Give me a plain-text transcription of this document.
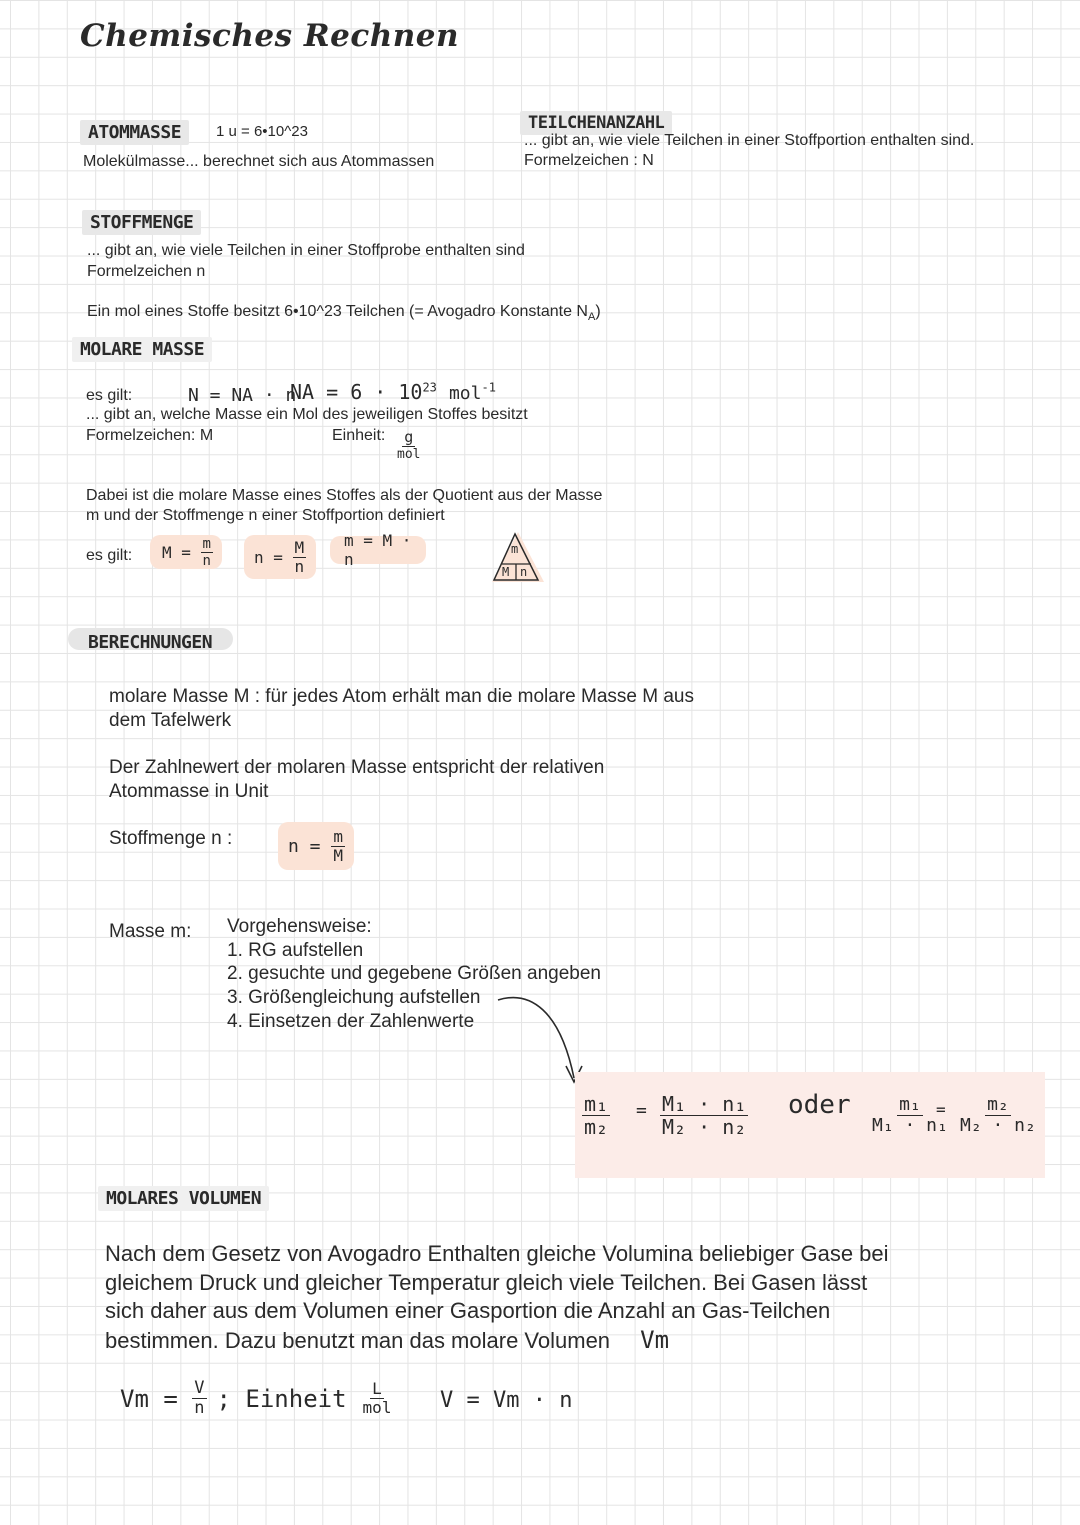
Chemisches Rechnen
ATOMMASSE	1 u = 6•10^23
Molekülmasse... berechnet sich aus Atommassen
TEILCHENANZAHL
... gibt an, wie viele Teilchen in einer Stoffportion enthalten sind.
Formelzeichen : N
STOFFMENGE
... gibt an, wie viele Teilchen in einer Stoffprobe enthalten sind
Formelzeichen n
Ein mol eines Stoffe besitzt 6•10^23 Teilchen (= Avogadro Konstante $N_A$)
MOLARE MASSE
es gilt:	N = NA · n
NA = $6 \cdot 10^{23}$ mol$^{-1}$
... gibt an, welche Masse ein Mol des jeweiligen Stoffes besitzt
Formelzeichen: M	Einheit: $\frac{g}{\text{mol}}$
Dabei ist die molare Masse eines Stoffes als der Quotient aus der Masse
m und der Stoffmenge n einer Stoffportion definiert
es gilt: M =
$\frac{m}{n}$	n =
$\frac{M}{n}$	m = M · n
m
M n
BERECHNUNGEN
molare Masse M : für jedes Atom erhält man die molare Masse M aus
dem Tafelwerk
Der Zahlnewert der molaren Masse entspricht der relativen
Atommasse in Unit
Stoffmenge n :	n =
$\frac{m}{M}$
Masse m: Vorgehensweise:
1. RG aufstellen
2. gesuchte und gegebene Größen angeben
3. Größengleichung aufstellen
4. Einsetzen der Zahlenwerte
$\frac{\text{m₁}}{\text{m₂}} = \frac{\text{M₁ · n₁}}{\text{M₂ · n₂}}$ oder $\frac{\text{m₁}}{\text{M₁ · n₁}}$
= $\frac{\text{m₂}}{\text{M₂ · n₂}}$
MOLARES VOLUMEN
Nach dem Gesetz von Avogadro Enthalten gleiche Volumina beliebiger Gase bei
gleichem Druck und gleicher Temperatur gleich viele Teilchen. Bei Gasen lässt
sich daher aus dem Volumen einer Gasportion die Anzahl an Gas-Teilchen
bestimmen. Dazu benutzt man das molare Volumen Vm
Vm =
$\frac{V}{n}$ ; Einheit $\frac{L}{\text{mol}}$ V = Vm · n
